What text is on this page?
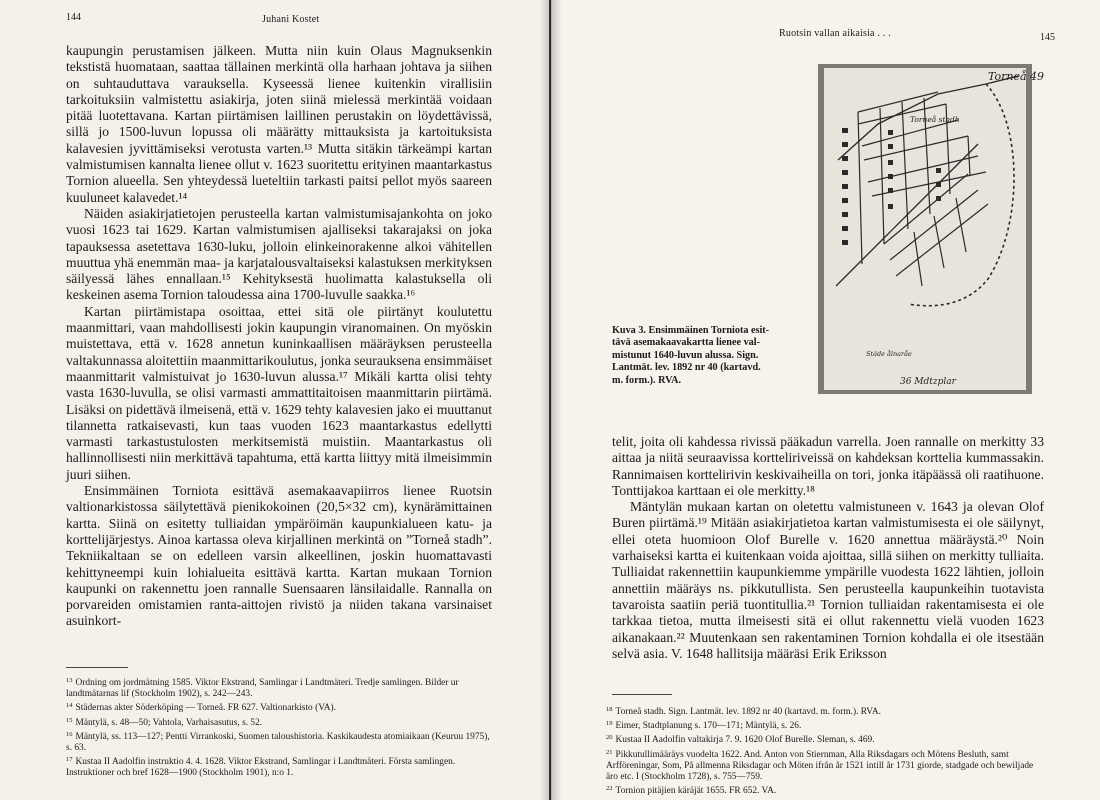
144	Juhani Kostet

kaupungin perustamisen jälkeen. Mutta niin kuin Olaus Magnuksenkin tekstistä huomataan, saattaa tällainen merkintä olla harhaan johtava ja siihen on suhtauduttava varauksella. Kyseessä lienee kuitenkin virallisiin tarkoituksiin valmistettu asiakirja, joten siinä mielessä merkintää voidaan pitää luotettavana. Kartan piirtämisen laillinen perustakin on löydettävissä, sillä jo 1500-luvun lopussa oli määrätty mittauksista ja kartoituksista kalavesien jyvittämiseksi verotusta varten.¹³ Mutta sitäkin tärkeämpi kartan valmistumisen kannalta lienee ollut v. 1623 suoritettu erityinen maantarkastus Tornion alueella. Sen yhteydessä lueteltiin tarkasti paitsi pellot myös saareen kuuluneet kalavedet.¹⁴

Näiden asiakirjatietojen perusteella kartan valmistumisajankohta on joko vuosi 1623 tai 1629. Kartan valmistumisen ajalliseksi takarajaksi on joka tapauksessa asetettava 1630-luku, jolloin elinkeinorakenne alkoi vähitellen muuttua yhä enemmän maa- ja karjatalousvaltaiseksi kalastuksen merkityksen säilyessä lähes ennallaan.¹⁵ Kehityksestä huolimatta kalastuksella oli keskeinen asema Tornion taloudessa aina 1700-luvulle saakka.¹⁶

Kartan piirtämistapa osoittaa, ettei sitä ole piirtänyt koulutettu maanmittari, vaan mahdollisesti jokin kaupungin viranomainen. On myöskin muistettava, että v. 1628 annetun kuninkaallisen määräyksen perusteella valtakunnassa aloitettiin maanmittarikoulutus, jonka seurauksena ensimmäiset maanmittarit valmistuivat jo 1630-luvun alussa.¹⁷ Mikäli kartta olisi tehty vasta 1630-luvulla, se olisi varmasti ammattitaitoisen maanmittarin piirtämä. Lisäksi on pidettävä ilmeisenä, että v. 1629 tehty kalavesien jako ei muuttanut tilannetta ratkaisevasti, kun taas vuoden 1623 maantarkastus edellytti varmasti tarkastustulosten merkitsemistä muistiin. Maantarkastus oli hallinnollisesti niin merkittävä tapahtuma, että kartta liittyy mitä ilmeisimmin juuri siihen.

Ensimmäinen Torniota esittävä asemakaavapiirros lienee Ruotsin valtionarkistossa säilytettävä pienikokoinen (20,5×32 cm), kynärämittainen kartta. Siinä on esitetty tulliaidan ympäröimän kaupunkialueen katu- ja korttelijärjestys. Ainoa kartassa oleva kirjallinen merkintä on ”Torneå stadh”. Tekniikaltaan se on edelleen varsin alkeellinen, joskin huomattavasti kehittyneempi kuin lohialueita esittävä kartta. Kartan mukaan Tornion kaupunki on rakennettu joen rannalle Suensaaren länsilaidalle. Rannalla on porvareiden omistamien ranta-aittojen rivistö ja niiden takana varsinaiset asuinkort-

$^{13}$ Ordning om jordmätning 1585. Viktor Ekstrand, Samlingar i Landtmäteri. Tredje samlingen. Bilder ur landtmätarnas lif (Stockholm 1902), s. 242—243.

$^{14}$ Städernas akter Söderköping — Torneå. FR 627. Valtionarkisto (VA).

$^{15}$ Mäntylä, s. 48—50; Vahtola, Varhaisasutus, s. 52.

$^{16}$ Mäntylä, ss. 113—127; Pentti Virrankoski, Suomen taloushistoria. Kaskikaudesta atomiaikaan (Keuruu 1975), s. 63.

$^{17}$ Kustaa II Aadolfin instruktio 4. 4. 1628. Viktor Ekstrand, Samlingar i Landtmäteri. Första samlingen. Instruktioner och bref 1628—1900 (Stockholm 1901), n:o 1.

Ruotsin vallan aikaisia . . .	145
Torneå 49
Torneå stadh
Städe ålnaråe
36 Mdtzplar

Kuva 3. Ensimmäinen Torniota esit-

tävä asemakaavakartta lienee val-

mistunut 1640-luvun alussa. Sign.

Lantmät. lev. 1892 nr 40 (kartavd.

m. form.). RVA.

telit, joita oli kahdessa rivissä pääkadun varrella. Joen rannalle on merkitty 33 aittaa ja niitä seuraavissa kortteliriveissä on kahdeksan korttelia kummassakin. Rannimaisen korttelirivin keskivaiheilla on tori, jonka itäpäässä oli raatihuone. Tonttijakoa karttaan ei ole merkitty.¹⁸

Mäntylän mukaan kartan on oletettu valmistuneen v. 1643 ja olevan Olof Buren piirtämä.¹⁹ Mitään asiakirjatietoa kartan valmistumisesta ei ole säilynyt, ellei oteta huomioon Olof Burelle v. 1620 annettua määräystä.²⁰ Noin varhaiseksi kartta ei kuitenkaan voida ajoittaa, sillä siihen on merkitty tulliaita. Tulliaidat rakennettiin kaupunkiemme ympärille vuodesta 1622 lähtien, jolloin annettiin määräys ns. pikkutullista. Sen perusteella kaupunkeihin tuotavista tavaroista saatiin periä tuontitullia.²¹ Tornion tulliaidan rakentamisesta ei ole tarkkaa tietoa, mutta ilmeisesti sitä ei ollut rakennettu vielä vuoden 1623 aikanakaan.²² Muutenkaan sen rakentaminen Tornion kohdalla ei ole itsestään selvä asia. V. 1648 hallitsija määräsi Erik Eriksson

$^{18}$ Torneå stadh. Sign. Lantmät. lev. 1892 nr 40 (kartavd. m. form.). RVA.

$^{19}$ Eimer, Stadtplanung s. 170—171; Mäntylä, s. 26.

$^{20}$ Kustaa II Aadolfin valtakirja 7. 9. 1620 Olof Burelle. Sleman, s. 469.

$^{21}$ Pikkutullimääräys vuodelta 1622. And. Anton von Stiernman, Alla Riksdagars och Mötens Besluth, samt Arfföreningar, Som, På allmenna Riksdagar och Möten ifrån år 1521 intill år 1731 giorde, stadgade och bewiljade äro etc. I (Stockholm 1728), s. 755—759.

$^{22}$ Tornion pitäjien käräjät 1655. FR 652. VA.
